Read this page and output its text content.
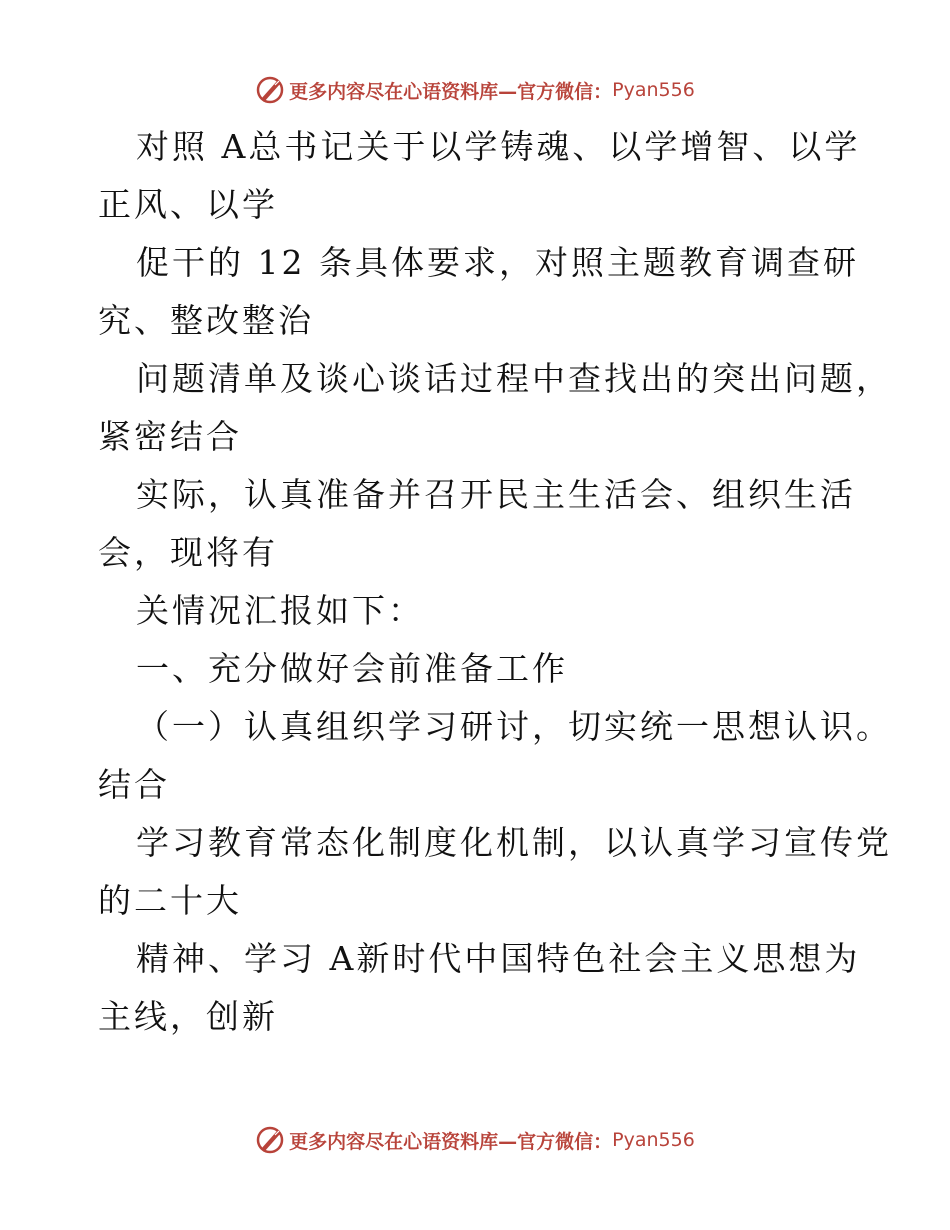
更多内容尽在心语资料库—官方微信： Pyan556
对照 A总书记关于以学铸魂、以学增智、以学
正风、以学
促干的 12 条具体要求，对照主题教育调查研
究、整改整治
问题清单及谈心谈话过程中查找出的突出问题，
紧密结合
实际，认真准备并召开民主生活会、组织生活
会，现将有
关情况汇报如下：
一、充分做好会前准备工作
（一）认真组织学习研讨，切实统一思想认识。
结合
学习教育常态化制度化机制，以认真学习宣传党
的二十大
精神、学习 A新时代中国特色社会主义思想为
主线，创新
更多内容尽在心语资料库—官方微信： Pyan556
